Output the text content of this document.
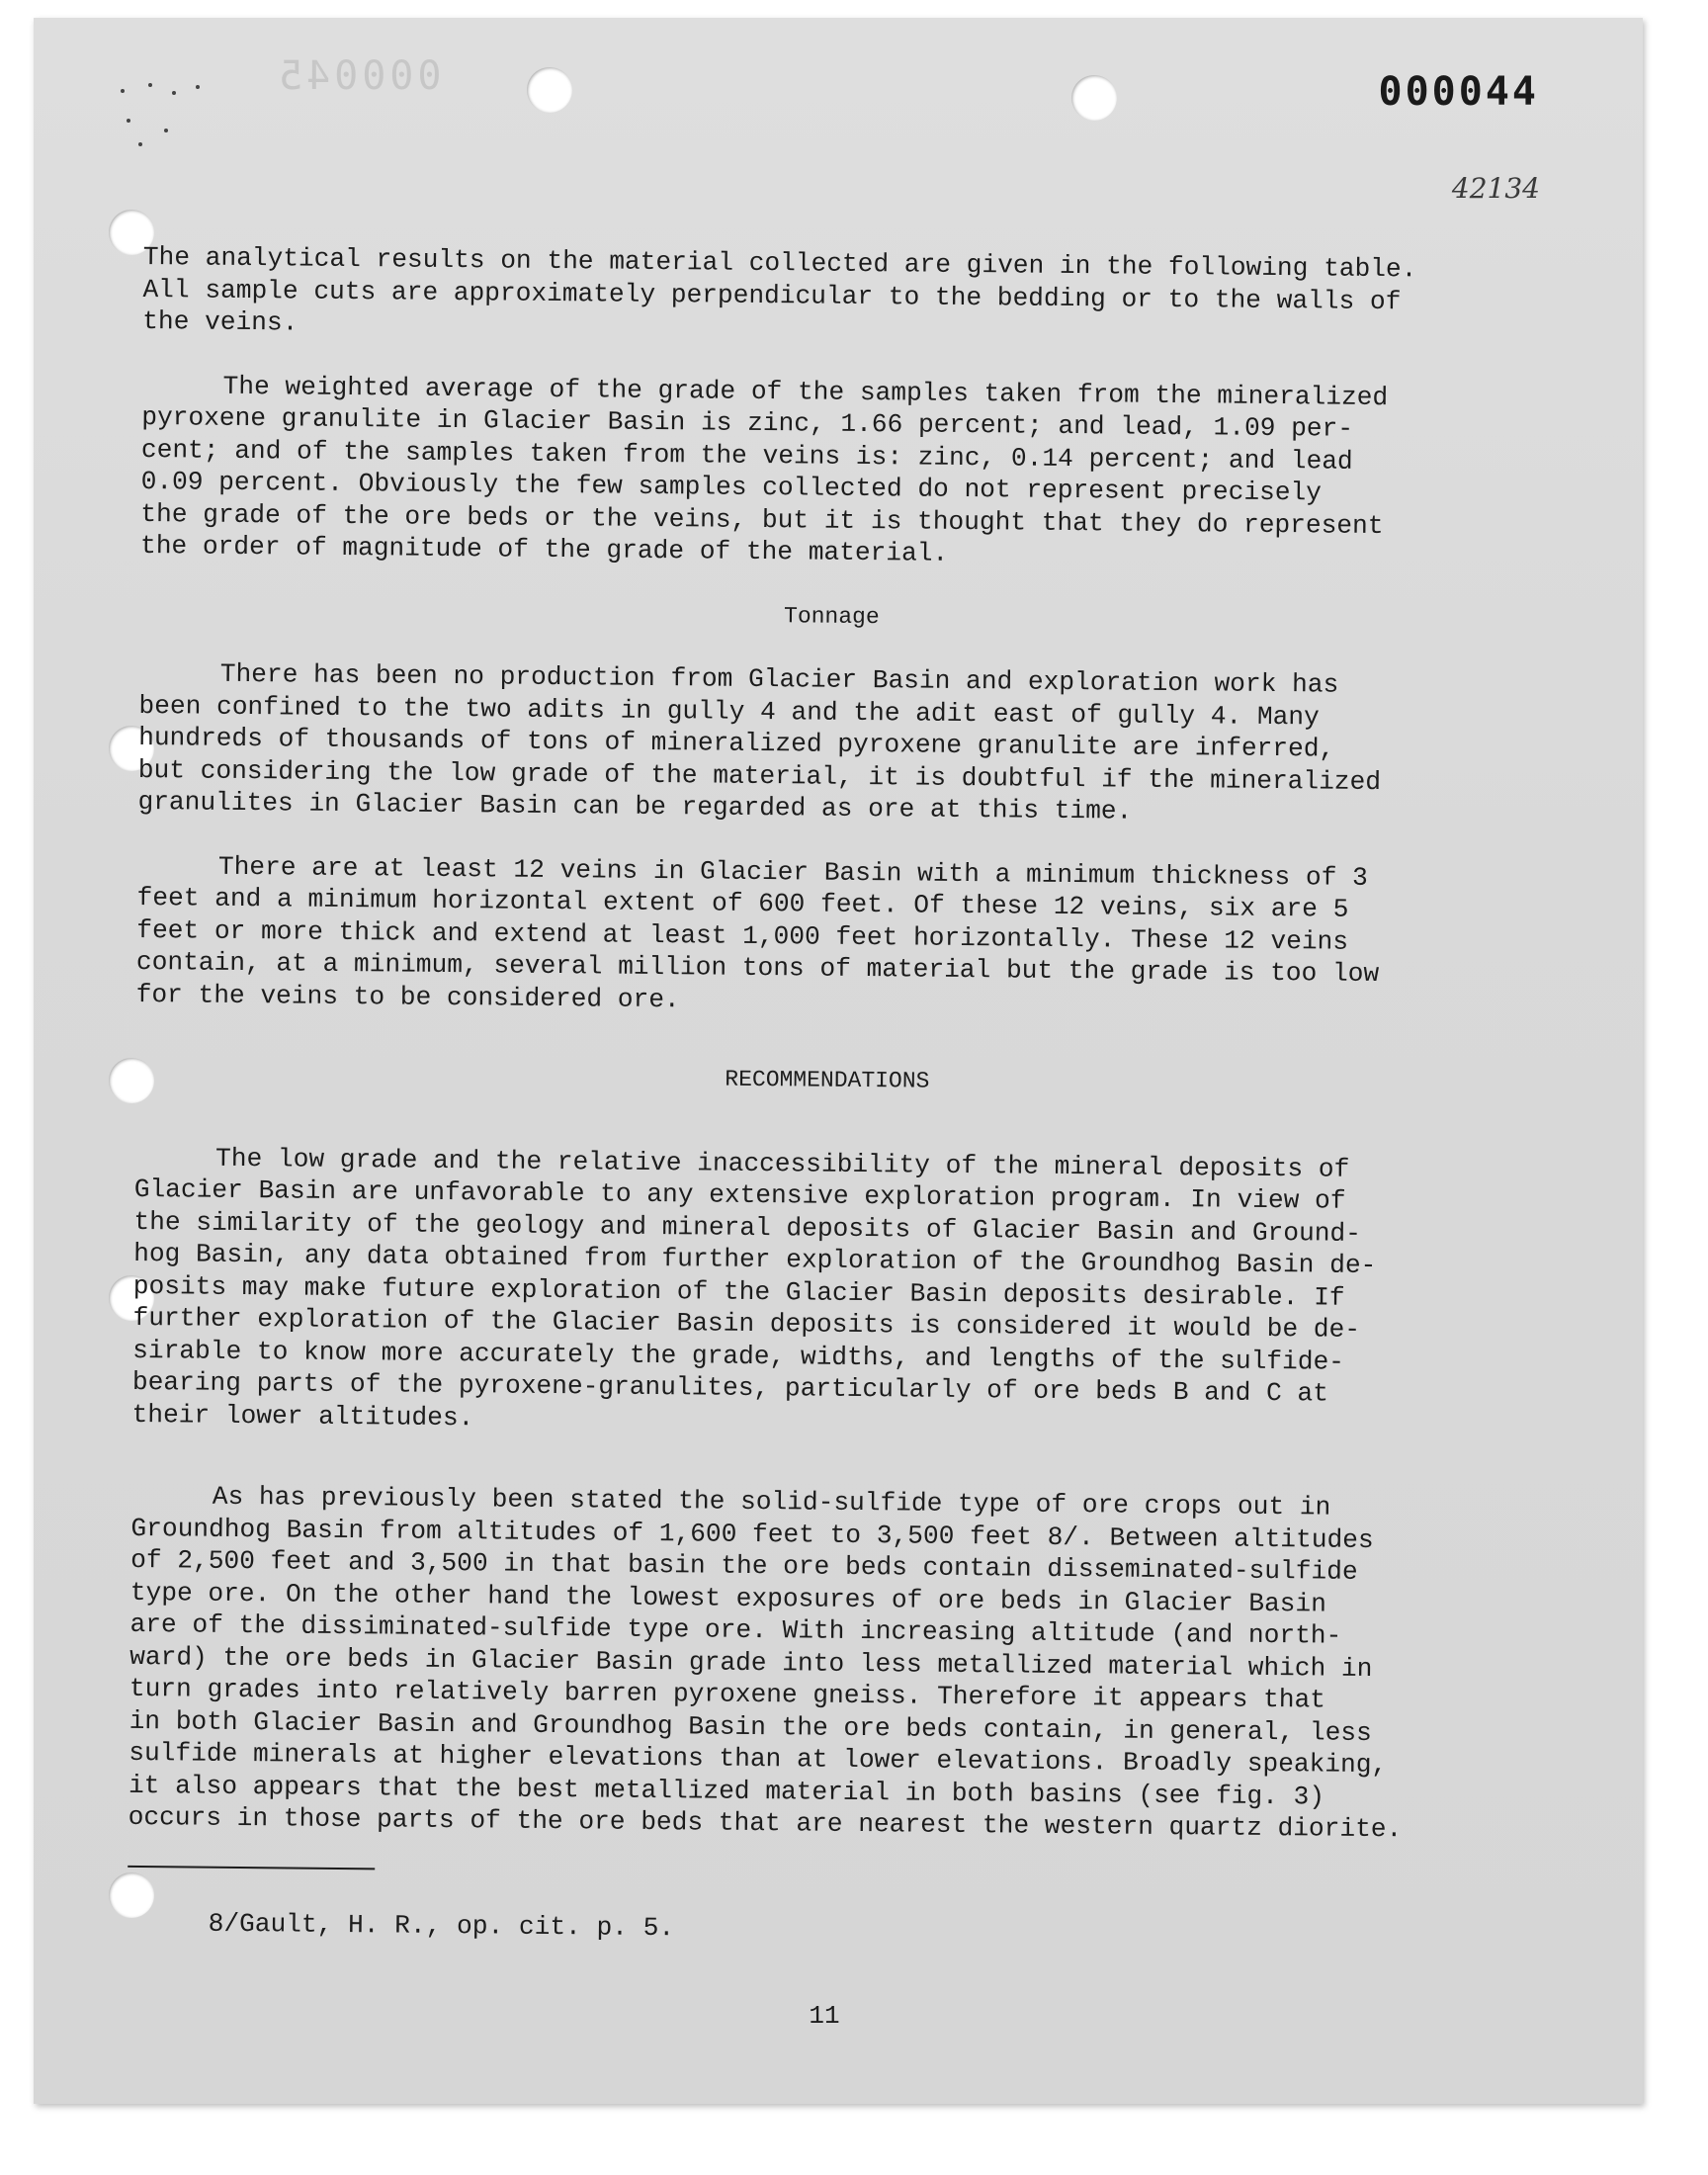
000045	000044
42134

The analytical results on the material collected are given in the following table.
All sample cuts are approximately perpendicular to the bedding or to the walls of
the veins.

The weighted average of the grade of the samples taken from the mineralized
pyroxene granulite in Glacier Basin is zinc, 1.66 percent; and lead, 1.09 per-
cent; and of the samples taken from the veins is: zinc, 0.14 percent; and lead
0.09 percent. Obviously the few samples collected do not represent precisely
the grade of the ore beds or the veins, but it is thought that they do represent
the order of magnitude of the grade of the material.

Tonnage

There has been no production from Glacier Basin and exploration work has
been confined to the two adits in gully 4 and the adit east of gully 4. Many
hundreds of thousands of tons of mineralized pyroxene granulite are inferred,
but considering the low grade of the material, it is doubtful if the mineralized
granulites in Glacier Basin can be regarded as ore at this time.

There are at least 12 veins in Glacier Basin with a minimum thickness of 3
feet and a minimum horizontal extent of 600 feet. Of these 12 veins, six are 5
feet or more thick and extend at least 1,000 feet horizontally. These 12 veins
contain, at a minimum, several million tons of material but the grade is too low
for the veins to be considered ore.

RECOMMENDATIONS

The low grade and the relative inaccessibility of the mineral deposits of
Glacier Basin are unfavorable to any extensive exploration program. In view of
the similarity of the geology and mineral deposits of Glacier Basin and Ground-
hog Basin, any data obtained from further exploration of the Groundhog Basin de-
posits may make future exploration of the Glacier Basin deposits desirable. If
further exploration of the Glacier Basin deposits is considered it would be de-
sirable to know more accurately the grade, widths, and lengths of the sulfide-
bearing parts of the pyroxene-granulites, particularly of ore beds B and C at
their lower altitudes.

As has previously been stated the solid-sulfide type of ore crops out in
Groundhog Basin from altitudes of 1,600 feet to 3,500 feet 8/. Between altitudes
of 2,500 feet and 3,500 in that basin the ore beds contain disseminated-sulfide
type ore. On the other hand the lowest exposures of ore beds in Glacier Basin
are of the dissiminated-sulfide type ore. With increasing altitude (and north-
ward) the ore beds in Glacier Basin grade into less metallized material which in
turn grades into relatively barren pyroxene gneiss. Therefore it appears that
in both Glacier Basin and Groundhog Basin the ore beds contain, in general, less
sulfide minerals at higher elevations than at lower elevations. Broadly speaking,
it also appears that the best metallized material in both basins (see fig. 3)
occurs in those parts of the ore beds that are nearest the western quartz diorite.

8/Gault, H. R., op. cit. p. 5.
11
